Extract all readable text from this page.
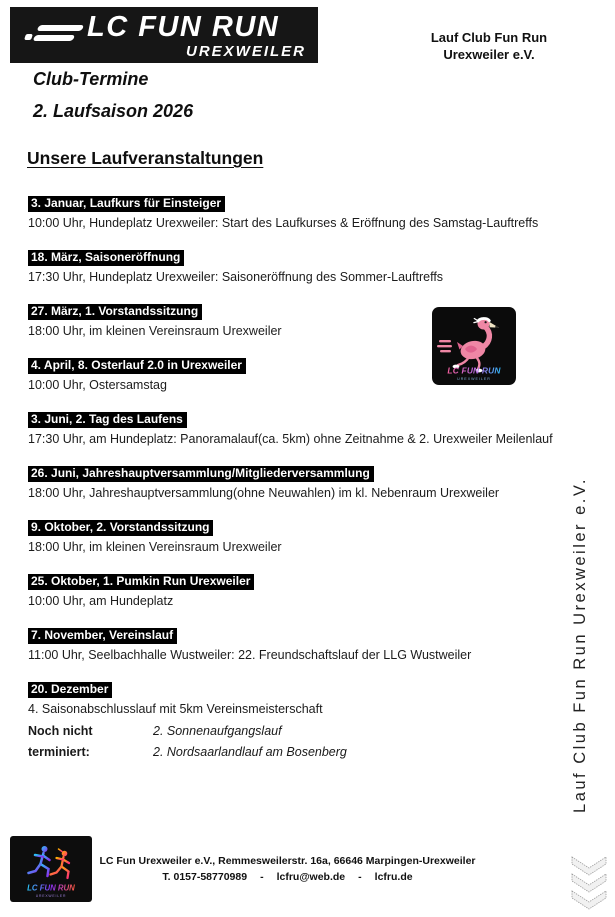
LC FUN RUN
UREXWEILER
Lauf Club Fun Run
Urexweiler e.V.
Club-Termine
2. Laufsaison 2026
Unsere Laufveranstaltungen
3. Januar, Laufkurs für Einsteiger
10:00 Uhr, Hundeplatz Urexweiler: Start des Laufkurses & Eröffnung des Samstag-Lauftreffs
18. März, Saisoneröffnung
17:30 Uhr, Hundeplatz Urexweiler: Saisoneröffnung des Sommer-Lauftreffs
27. März, 1. Vorstandssitzung
18:00 Uhr, im kleinen Vereinsraum Urexweiler
4. April, 8. Osterlauf 2.0 in Urexweiler
10:00 Uhr, Ostersamstag
3. Juni, 2. Tag des Laufens
17:30 Uhr, am Hundeplatz: Panoramalauf(ca. 5km) ohne Zeitnahme & 2. Urexweiler Meilenlauf
26. Juni, Jahreshauptversammlung/Mitgliederversammlung
18:00 Uhr, Jahreshauptversammlung(ohne Neuwahlen) im kl. Nebenraum Urexweiler
9. Oktober, 2. Vorstandssitzung
18:00 Uhr, im kleinen Vereinsraum Urexweiler
25. Oktober, 1. Pumkin Run Urexweiler
10:00 Uhr, am Hundeplatz
7. November, Vereinslauf
11:00 Uhr, Seelbachhalle Wustweiler: 22. Freundschaftslauf der LLG Wustweiler
20. Dezember
4. Saisonabschlusslauf mit 5km Vereinsmeisterschaft
Noch nicht terminiert:
2. Sonnenaufgangslauf
2. Nordsaarlandlauf am Bosenberg
LC FUN RUN
UREXWEILER
LC FUN RUN
UREXWEILER
LC Fun Urexweiler e.V., Remmesweilerstr. 16a, 66646 Marpingen-Urexweiler
T. 0157-58770989 - lcfru@web.de - lcfru.de
Lauf Club Fun Run Urexweiler e.V.
